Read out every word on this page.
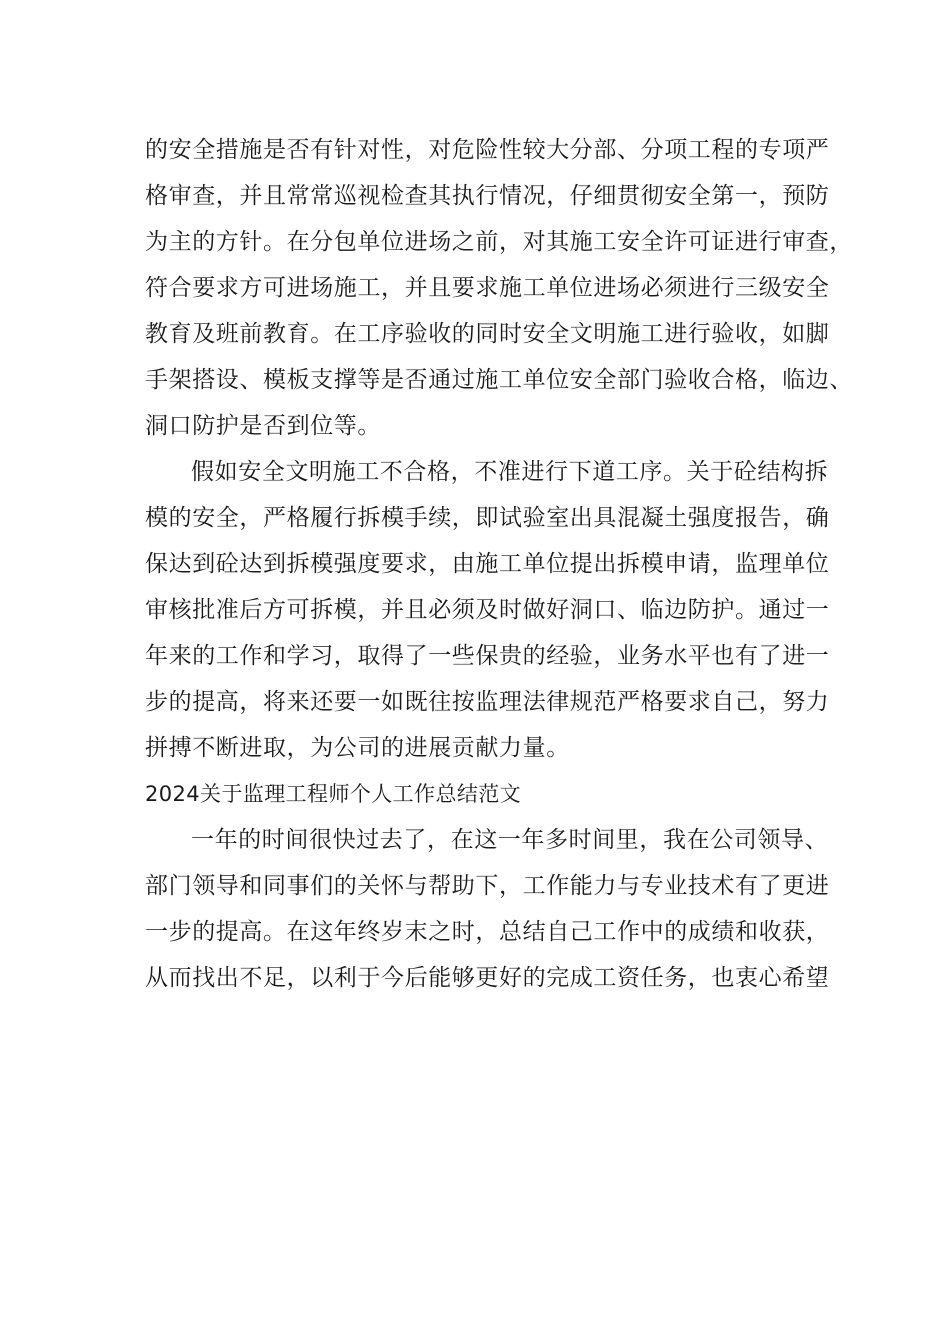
的安全措施是否有针对性，对危险性较大分部、分项工程的专项严
格审查，并且常常巡视检查其执行情况，仔细贯彻安全第一，预防
为主的方针。在分包单位进场之前，对其施工安全许可证进行审查，
符合要求方可进场施工，并且要求施工单位进场必须进行三级安全
教育及班前教育。在工序验收的同时安全文明施工进行验收，如脚
手架搭设、模板支撑等是否通过施工单位安全部门验收合格，临边、
洞口防护是否到位等。
假如安全文明施工不合格，不准进行下道工序。关于砼结构拆
模的安全，严格履行拆模手续，即试验室出具混凝土强度报告，确
保达到砼达到拆模强度要求，由施工单位提出拆模申请，监理单位
审核批准后方可拆模，并且必须及时做好洞口、临边防护。通过一
年来的工作和学习，取得了一些保贵的经验，业务水平也有了进一
步的提高，将来还要一如既往按监理法律规范严格要求自己，努力
拼搏不断进取，为公司的进展贡献力量。
2024关于监理工程师个人工作总结范文
一年的时间很快过去了，在这一年多时间里，我在公司领导、
部门领导和同事们的关怀与帮助下，工作能力与专业技术有了更进
一步的提高。在这年终岁末之时，总结自己工作中的成绩和收获，
从而找出不足，以利于今后能够更好的完成工资任务，也衷心希望
